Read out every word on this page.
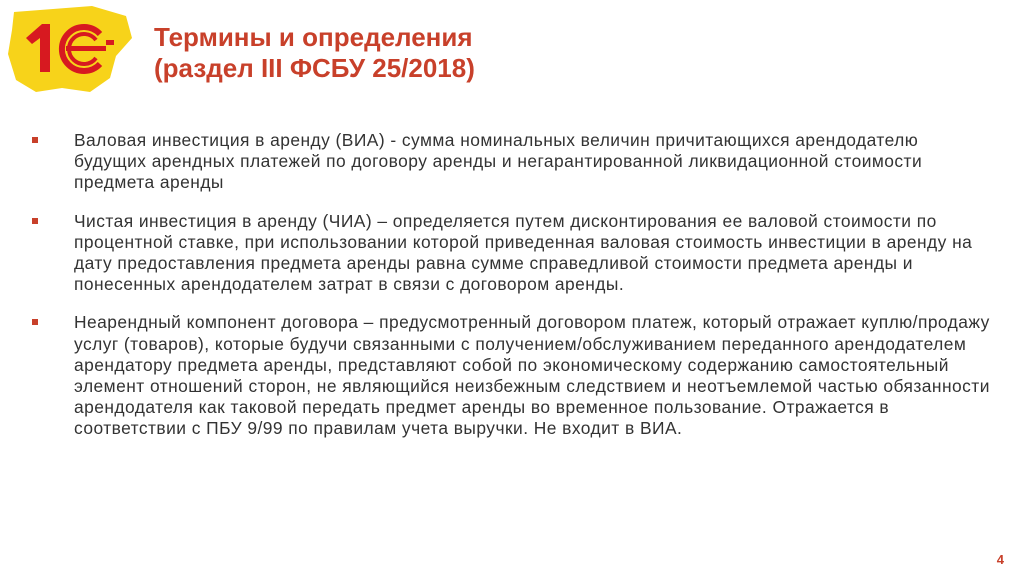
Термины и определения
(раздел III ФСБУ 25/2018)
Валовая инвестиция в аренду (ВИА) - сумма номинальных величин причитающихся арендодателю будущих арендных платежей по договору аренды и негарантированной ликвидационной стоимости предмета аренды
Чистая инвестиция в аренду (ЧИА) – определяется путем дисконтирования ее валовой стоимости по процентной ставке, при использовании которой приведенная валовая стоимость инвестиции в аренду на дату предоставления предмета аренды равна сумме справедливой стоимости предмета аренды и понесенных арендодателем затрат в связи с договором аренды.
Неарендный компонент договора – предусмотренный договором платеж, который отражает куплю/продажу услуг (товаров), которые будучи связанными с получением/обслуживанием переданного арендодателем арендатору предмета аренды, представляют собой по экономическому содержанию самостоятельный элемент отношений сторон, не являющийся неизбежным следствием и неотъемлемой частью обязанности арендодателя как таковой передать предмет аренды во временное пользование. Отражается в соответствии с ПБУ 9/99 по правилам учета выручки. Не входит в ВИА.
4
